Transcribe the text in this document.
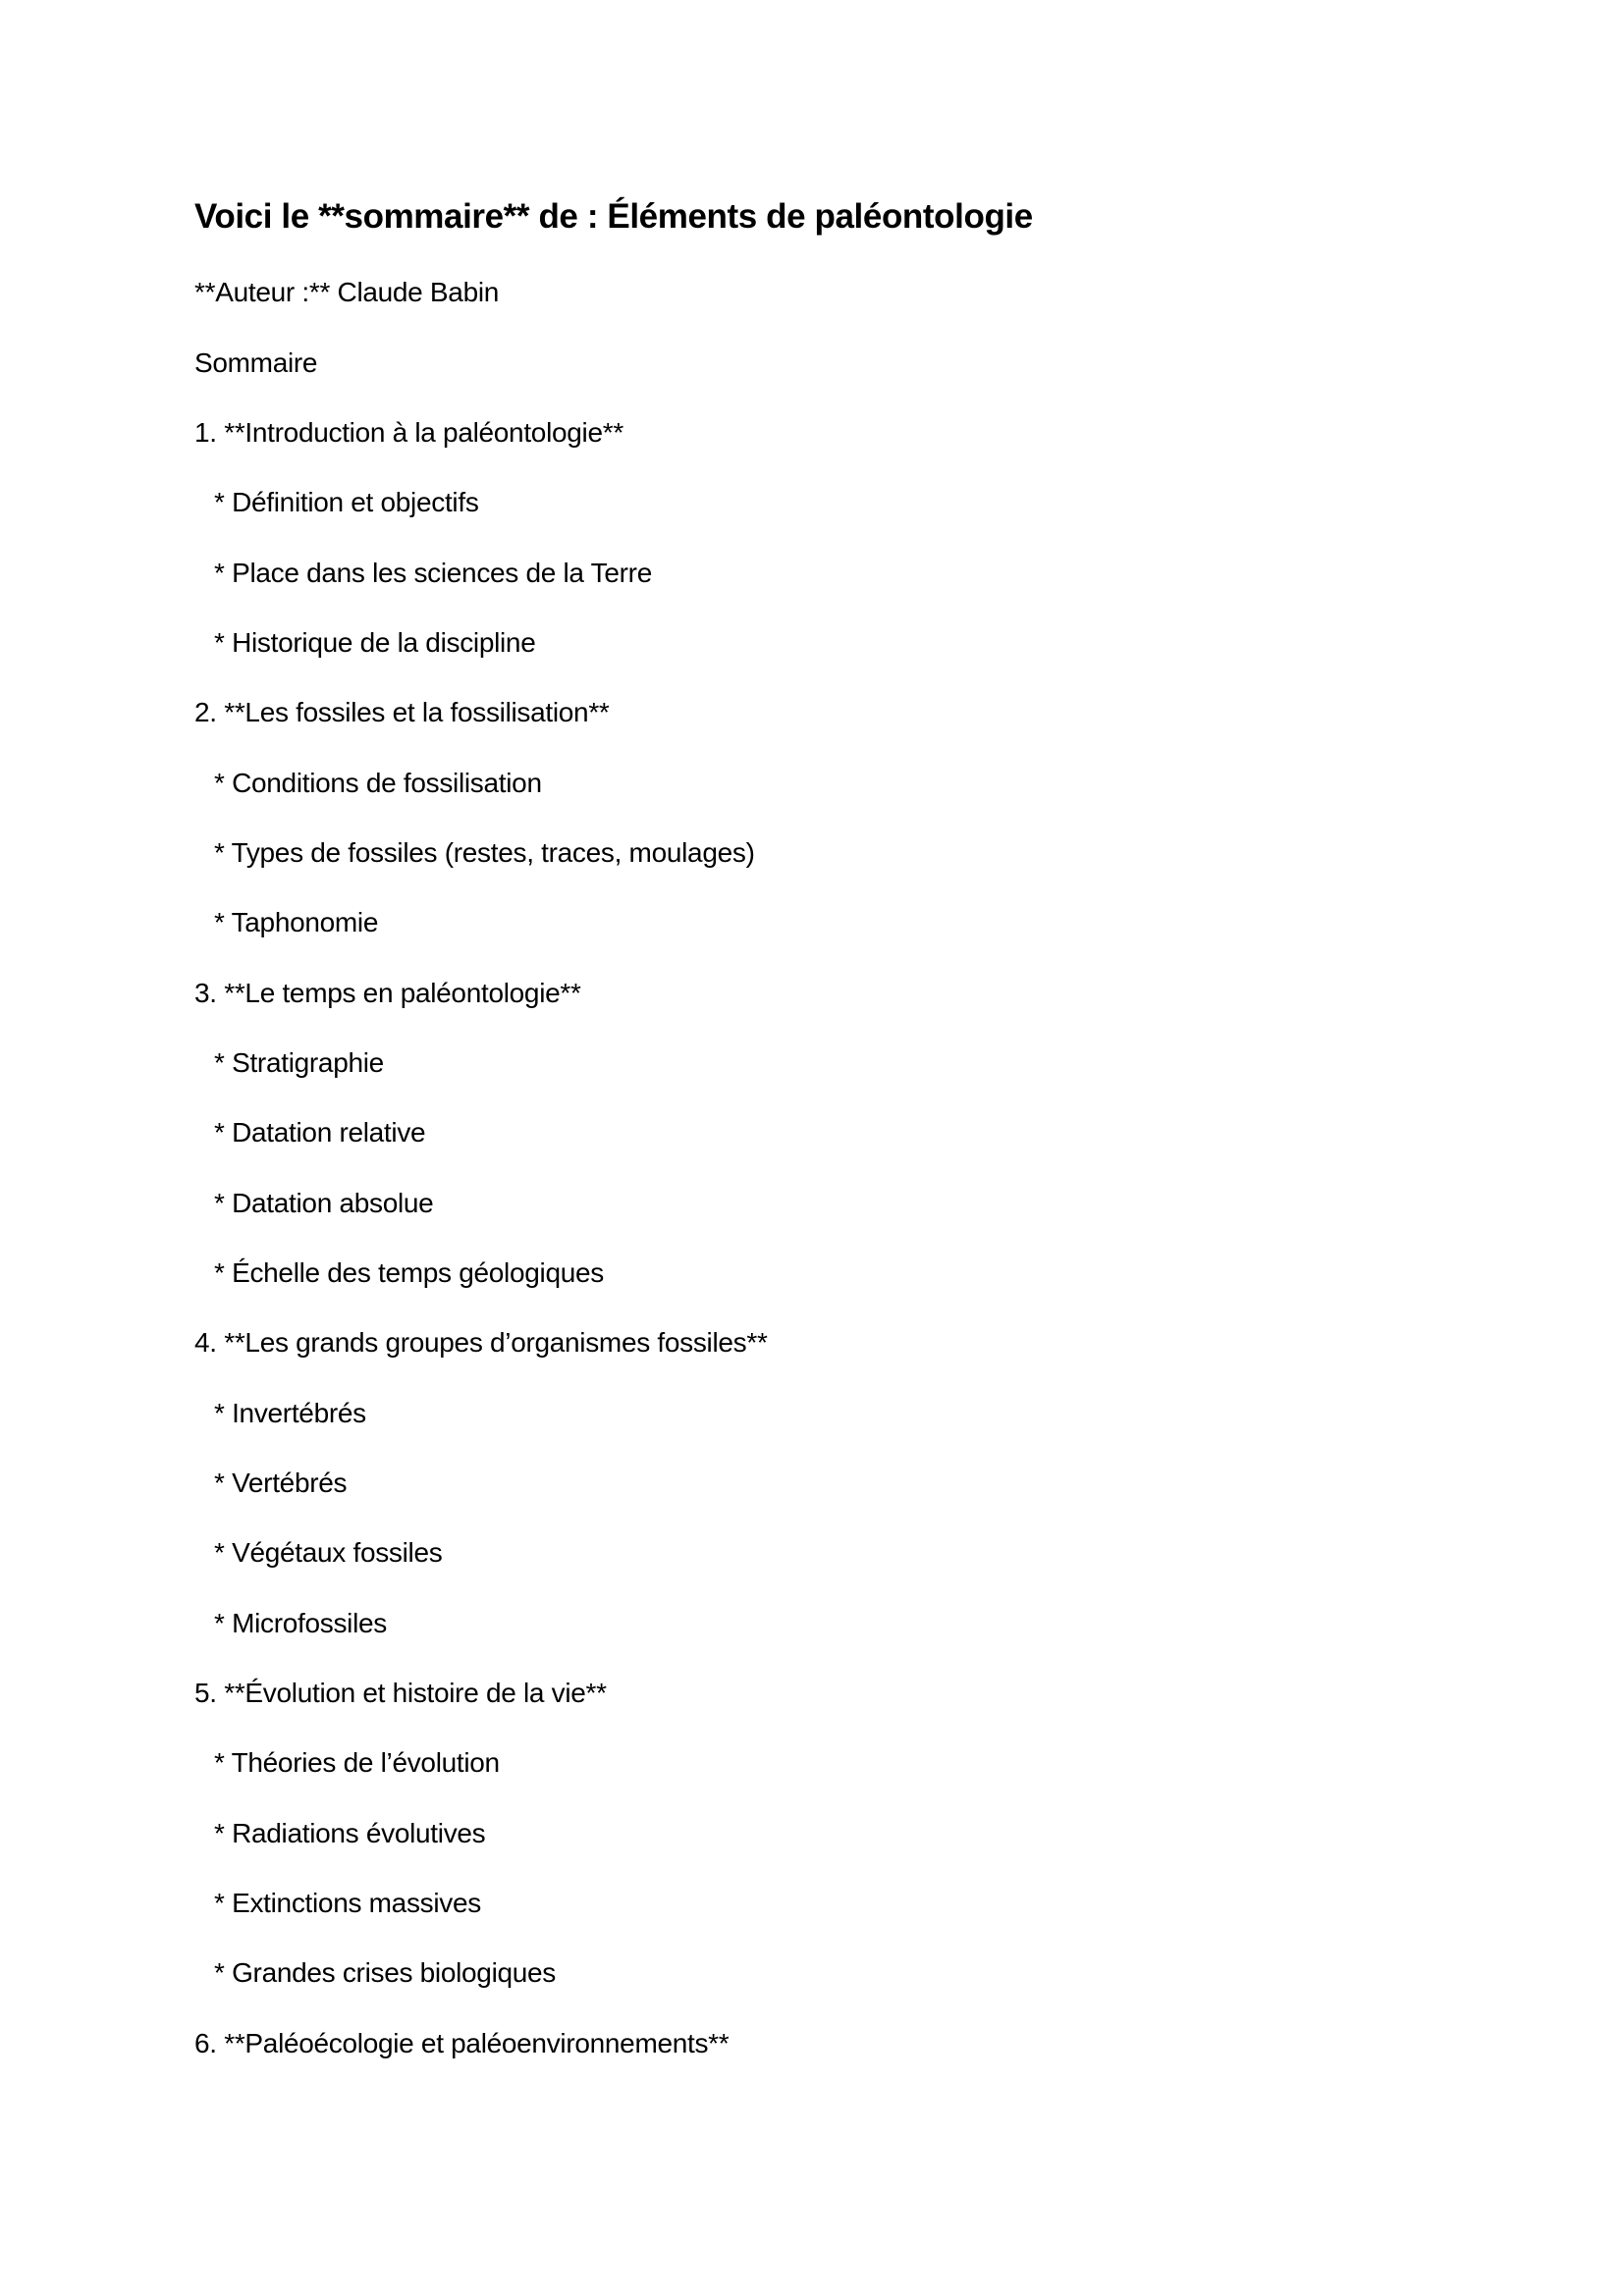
Voici le **sommaire** de : Éléments de paléontologie

**Auteur :** Claude Babin

Sommaire

1. **Introduction à la paléontologie**

* Définition et objectifs

* Place dans les sciences de la Terre

* Historique de la discipline

2. **Les fossiles et la fossilisation**

* Conditions de fossilisation

* Types de fossiles (restes, traces, moulages)

* Taphonomie

3. **Le temps en paléontologie**

* Stratigraphie

* Datation relative

* Datation absolue

* Échelle des temps géologiques

4. **Les grands groupes d’organismes fossiles**

* Invertébrés

* Vertébrés

* Végétaux fossiles

* Microfossiles

5. **Évolution et histoire de la vie**

* Théories de l’évolution

* Radiations évolutives

* Extinctions massives

* Grandes crises biologiques

6. **Paléoécologie et paléoenvironnements**
